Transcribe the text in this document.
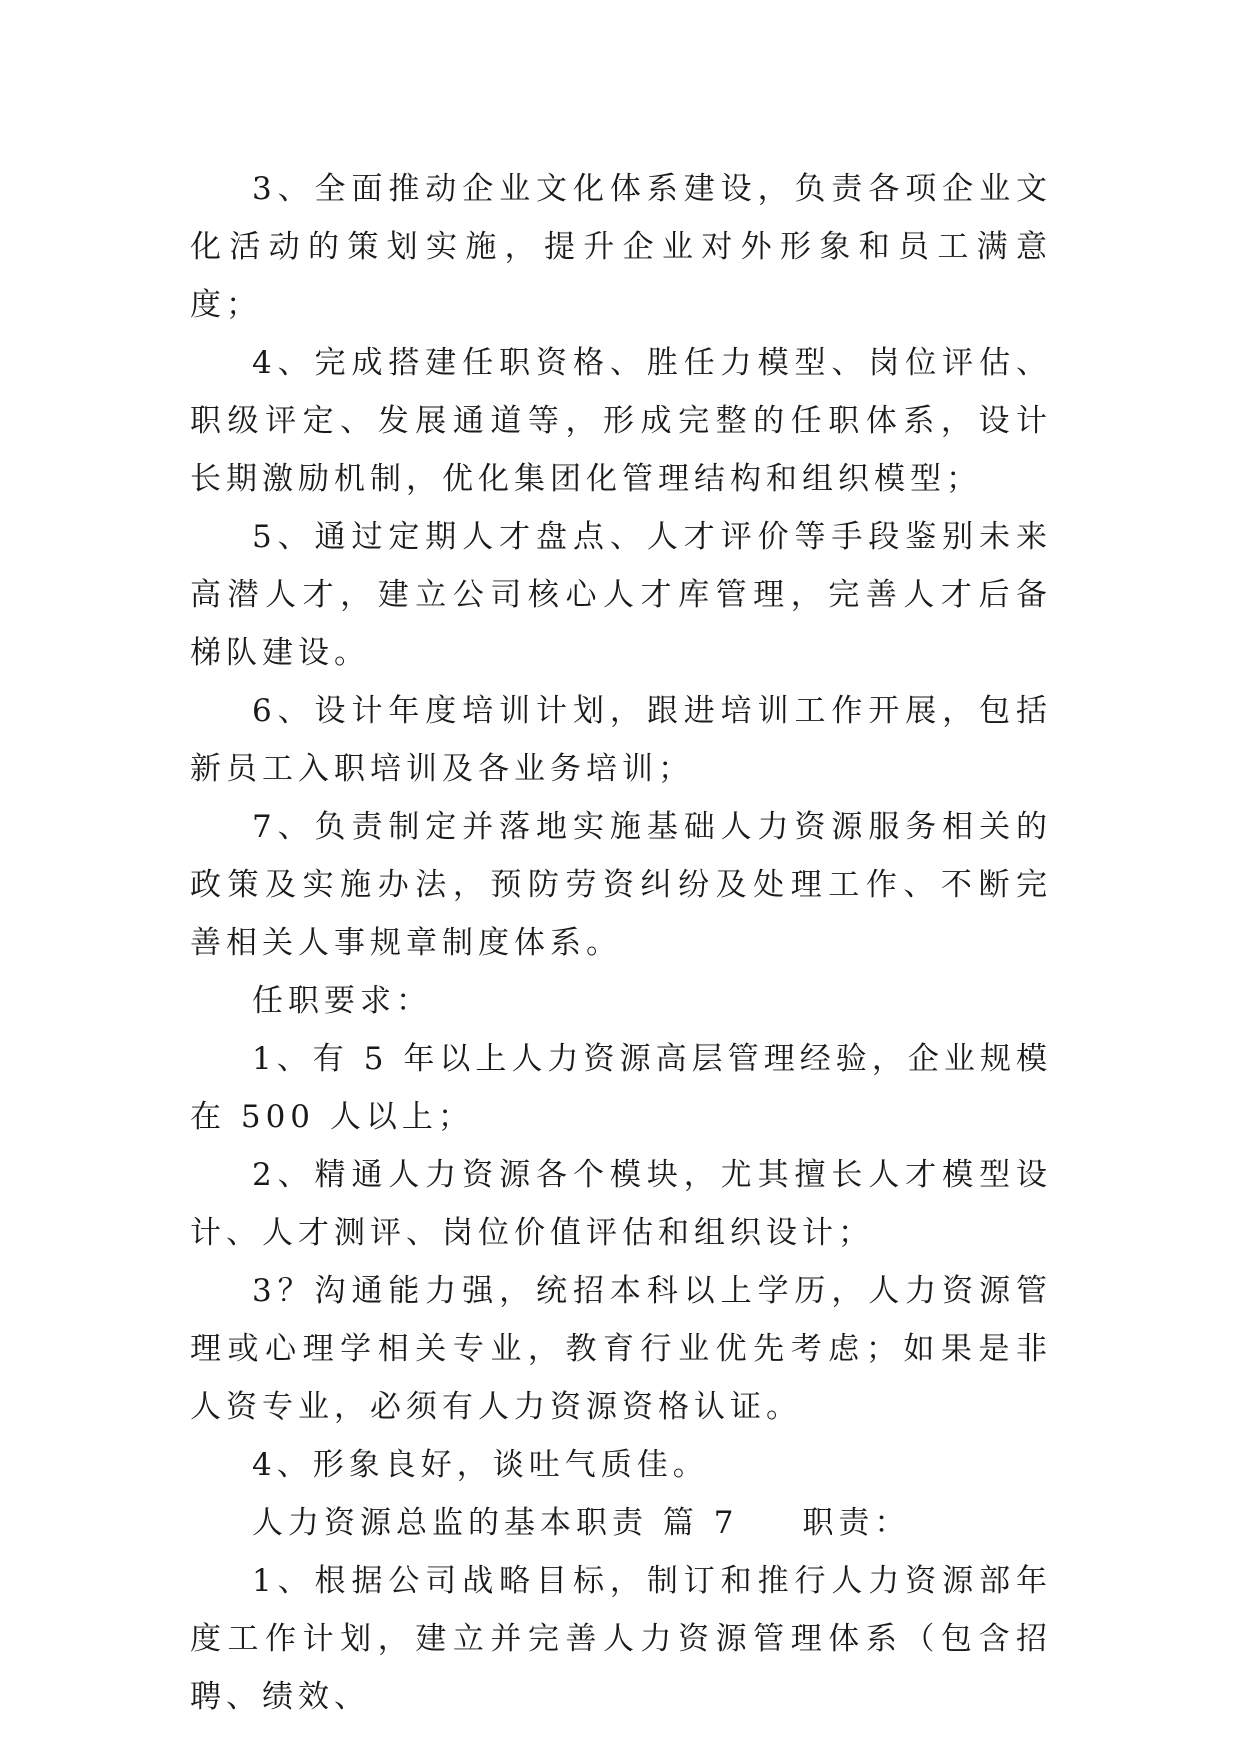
3、全面推动企业文化体系建设，负责各项企业文化活动的策划实施，提升企业对外形象和员工满意度；

4、完成搭建任职资格、胜任力模型、岗位评估、职级评定、发展通道等，形成完整的任职体系，设计长期激励机制，优化集团化管理结构和组织模型；

5、通过定期人才盘点、人才评价等手段鉴别未来高潜人才，建立公司核心人才库管理，完善人才后备梯队建设。

6、设计年度培训计划，跟进培训工作开展，包括新员工入职培训及各业务培训；

7、负责制定并落地实施基础人力资源服务相关的政策及实施办法，预防劳资纠纷及处理工作、不断完善相关人事规章制度体系。

任职要求：

1、有 5 年以上人力资源高层管理经验，企业规模在 500 人以上；

2、精通人力资源各个模块，尤其擅长人才模型设计、人才测评、岗位价值评估和组织设计；

3？沟通能力强，统招本科以上学历，人力资源管理或心理学相关专业，教育行业优先考虑；如果是非人资专业，必须有人力资源资格认证。

4、形象良好，谈吐气质佳。

人力资源总监的基本职责 篇 7 职责：

1、根据公司战略目标，制订和推行人力资源部年度工作计划，建立并完善人力资源管理体系（包含招聘、绩效、
